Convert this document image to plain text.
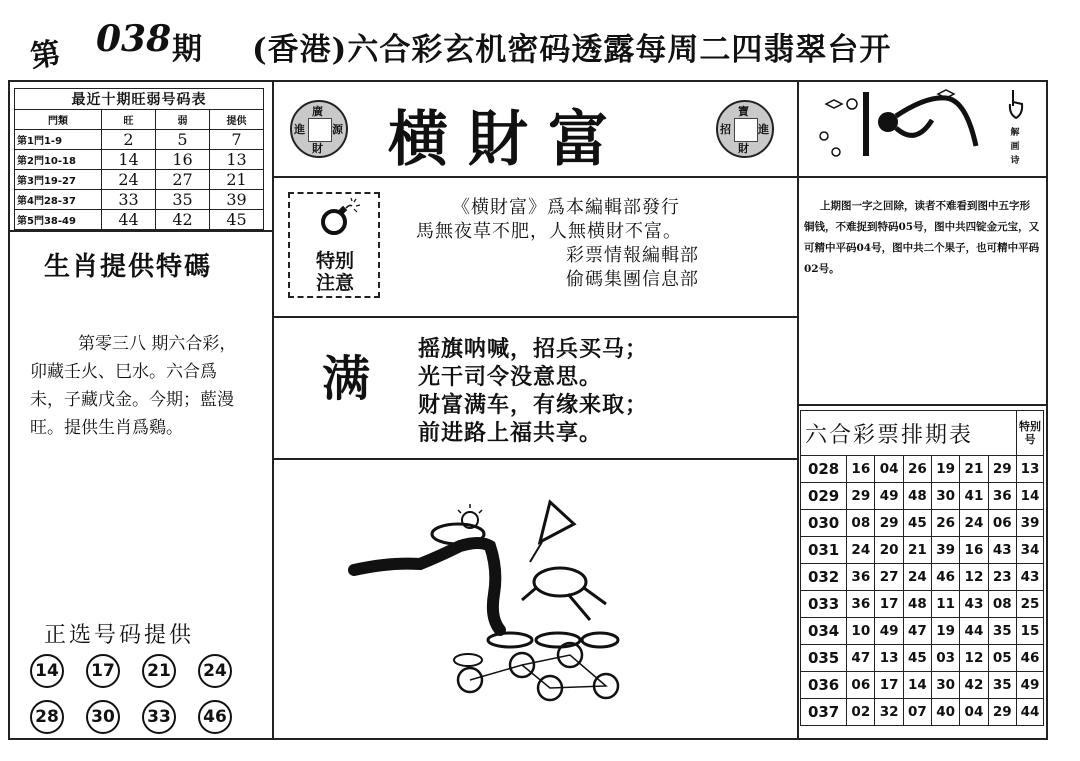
第 038 期 (香港)六合彩玄机密码透露每周二四翡翠台开
最近十期旺弱号码表			
門類	旺	弱	提供
第1門1-9	2	5	7
第2門10-18	14	16	13
第3門19-27	24	27	21
第4門28-37	33	35	39
第5門38-49	44	42	45
生肖提供特碼
第零三八 期六合彩，卯藏壬火、巳水。六合爲未，子藏戊金。今期；藍漫旺。提供生肖爲鷄。
正选号码提供
14	17	21	24
28	30	33	46
廣
進 源
財 横財富	寶
招 進
財
特别
注意
《横財富》爲本編輯部發行
馬無夜草不肥，人無横財不富。
彩票情報編輯部
偷碼集團信息部
满
摇旗呐喊，招兵买马；
光干司令没意思。
财富满车，有缘来取；
前进路上福共享。
解画诗
上期图一字之回除，读者不难看到图中五字形铜钱，不难捉到特码05号，图中共四锭金元宝，又可精中平码04号，图中共二个果子，也可精中平码02号。
六合彩票排期表							特别号
028	16	04	26	19	21	29	13
029	29	49	48	30	41	36	14
030	08	29	45	26	24	06	39
031	24	20	21	39	16	43	34
032	36	27	24	46	12	23	43
033	36	17	48	11	43	08	25
034	10	49	47	19	44	35	15
035	47	13	45	03	12	05	46
036	06	17	14	30	42	35	49
037	02	32	07	40	04	29	44
